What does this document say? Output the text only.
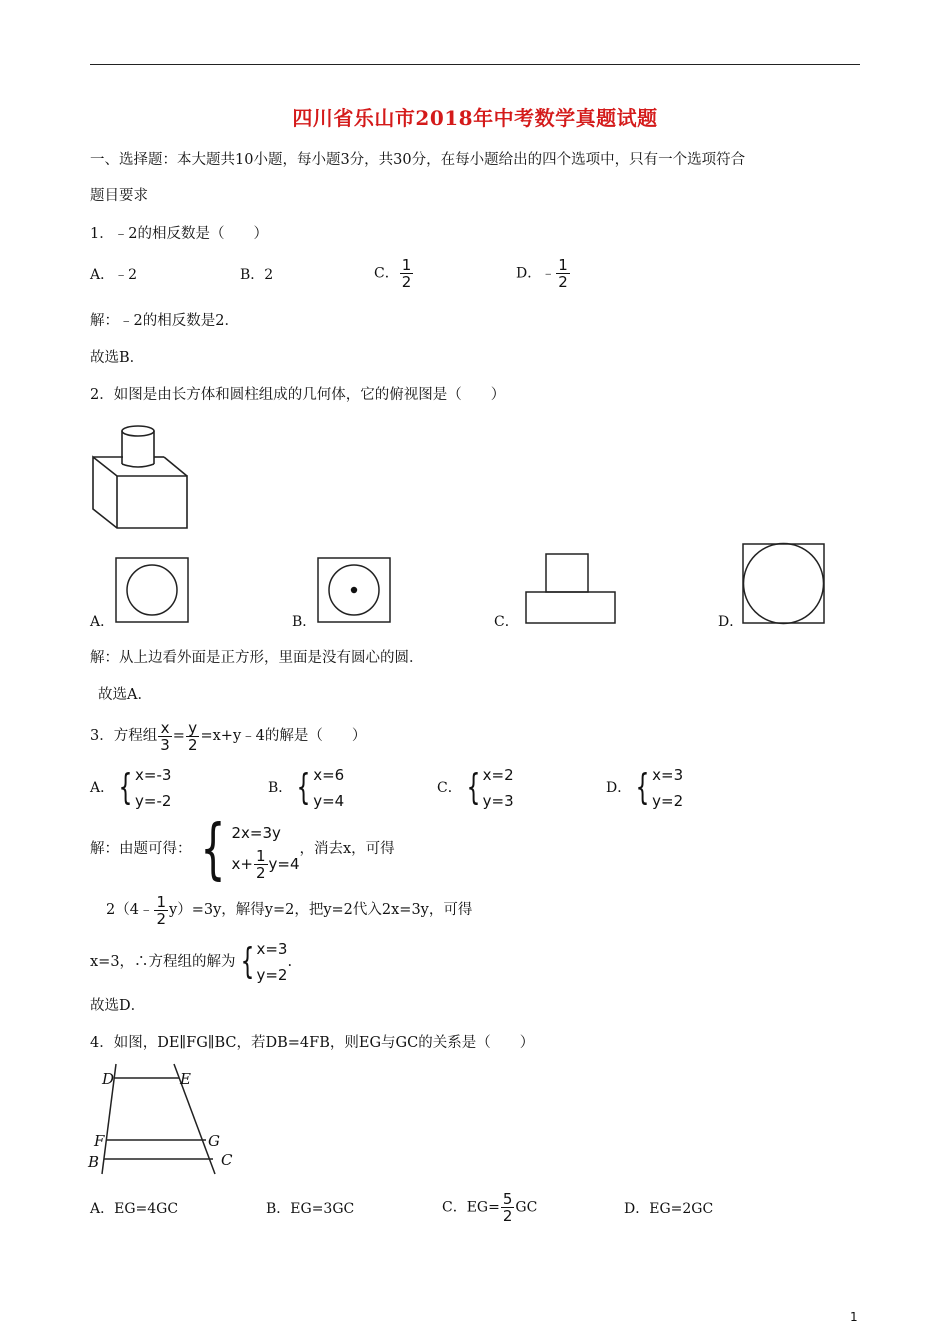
四川省乐山市2018年中考数学真题试题
一、选择题：本大题共10小题，每小题3分，共30分，在每小题给出的四个选项中，只有一个选项符合
题目要求
1．﹣2的相反数是（　　）
A．﹣2	B．2	C． $\frac{1}{2}$	D．﹣ $\frac{1}{2}$
解：﹣2的相反数是2．
故选B．
2．如图是由长方体和圆柱组成的几何体，它的俯视图是（　　）
A．	B．	C．	D．
解：从上边看外面是正方形，里面是没有圆心的圆．
故选A．
3．方程组 $\frac{x}{3} = \frac{y}{2}$ =x+y﹣4的解是（　　）
A． { x=-3
y=-2
B． { x=6
y=4
C． { x=2
y=3
D． { x=3
y=2
解：由题可得： { 2x=3y
$x+ \frac{1}{2} y=4$
，消去x，可得
2（4﹣ $\frac{1}{2} y)=3y$，解得y=2，把y=2代入2x=3y，可得
x=3，∴方程组的解为 { x=3
y=2
.
故选D．
4．如图，DE∥FG∥BC，若DB=4FB，则EG与GC的关系是（　　）
D	E
F	G
B	C
A．EG=4GC	B．EG=3GC	C．$EG= \frac{5}{2}$ GC	D．EG=2GC
1
